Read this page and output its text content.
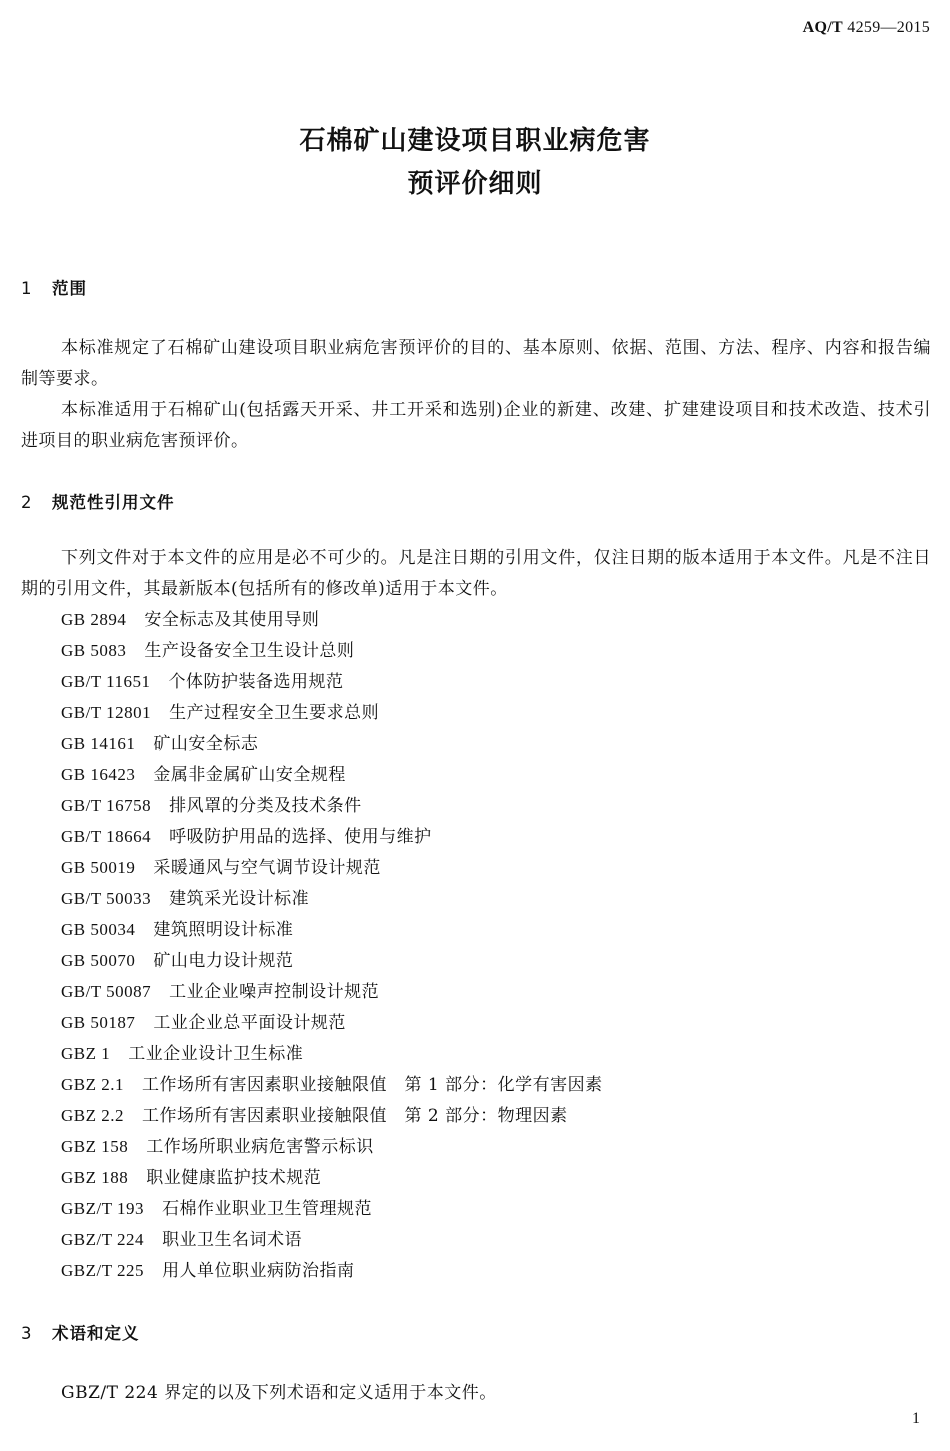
AQ/T 4259—2015
石棉矿山建设项目职业病危害
预评价细则
1 范围
本标准规定了石棉矿山建设项目职业病危害预评价的目的、基本原则、依据、范围、方法、程序、内容和报告编制等要求。
本标准适用于石棉矿山(包括露天开采、井工开采和选别)企业的新建、改建、扩建建设项目和技术改造、技术引进项目的职业病危害预评价。
2 规范性引用文件
下列文件对于本文件的应用是必不可少的。凡是注日期的引用文件，仅注日期的版本适用于本文件。凡是不注日期的引用文件，其最新版本(包括所有的修改单)适用于本文件。
GB 2894 安全标志及其使用导则
GB 5083 生产设备安全卫生设计总则
GB/T 11651 个体防护装备选用规范
GB/T 12801 生产过程安全卫生要求总则
GB 14161 矿山安全标志
GB 16423 金属非金属矿山安全规程
GB/T 16758 排风罩的分类及技术条件
GB/T 18664 呼吸防护用品的选择、使用与维护
GB 50019 采暖通风与空气调节设计规范
GB/T 50033 建筑采光设计标准
GB 50034 建筑照明设计标准
GB 50070 矿山电力设计规范
GB/T 50087 工业企业噪声控制设计规范
GB 50187 工业企业总平面设计规范
GBZ 1 工业企业设计卫生标准
GBZ 2.1 工作场所有害因素职业接触限值　第 1 部分：化学有害因素
GBZ 2.2 工作场所有害因素职业接触限值　第 2 部分：物理因素
GBZ 158 工作场所职业病危害警示标识
GBZ 188 职业健康监护技术规范
GBZ/T 193 石棉作业职业卫生管理规范
GBZ/T 224 职业卫生名词术语
GBZ/T 225 用人单位职业病防治指南
3 术语和定义
GBZ/T 224 界定的以及下列术语和定义适用于本文件。
1
